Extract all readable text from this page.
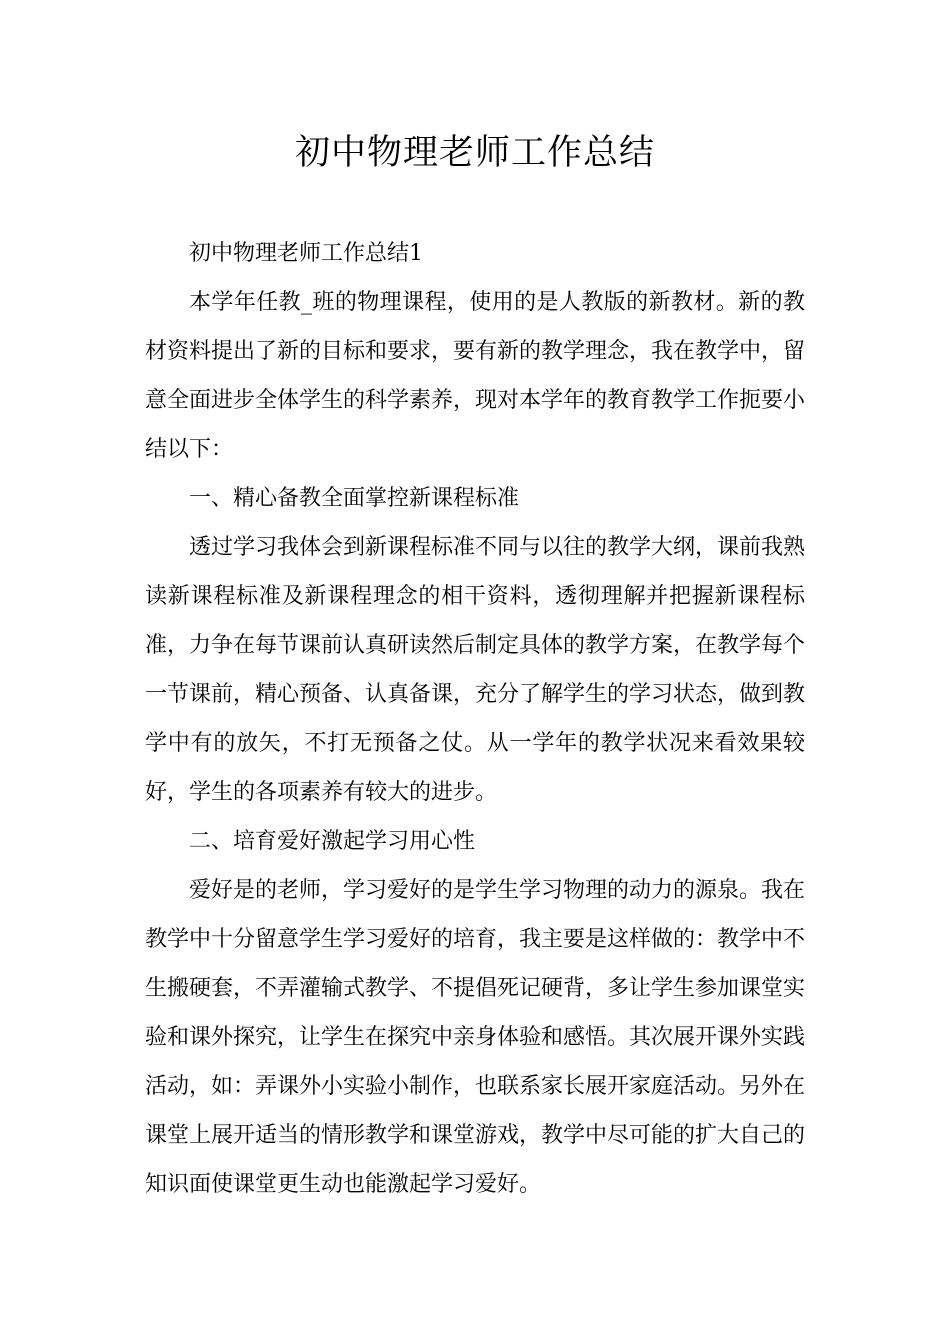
初中物理老师工作总结

初中物理老师工作总结1

本学年任教_班的物理课程，使用的是人教版的新教材。新的教材资料提出了新的目标和要求，要有新的教学理念，我在教学中，留意全面进步全体学生的科学素养，现对本学年的教育教学工作扼要小结以下：

一、精心备教全面掌控新课程标准

透过学习我体会到新课程标准不同与以往的教学大纲，课前我熟读新课程标准及新课程理念的相干资料，透彻理解并把握新课程标准，力争在每节课前认真研读然后制定具体的教学方案，在教学每个一节课前，精心预备、认真备课，充分了解学生的学习状态，做到教学中有的放矢，不打无预备之仗。从一学年的教学状况来看效果较好，学生的各项素养有较大的进步。

二、培育爱好激起学习用心性

爱好是的老师，学习爱好的是学生学习物理的动力的源泉。我在教学中十分留意学生学习爱好的培育，我主要是这样做的：教学中不生搬硬套，不弄灌输式教学、不提倡死记硬背，多让学生参加课堂实验和课外探究，让学生在探究中亲身体验和感悟。其次展开课外实践活动，如：弄课外小实验小制作，也联系家长展开家庭活动。另外在课堂上展开适当的情形教学和课堂游戏，教学中尽可能的扩大自己的知识面使课堂更生动也能激起学习爱好。
